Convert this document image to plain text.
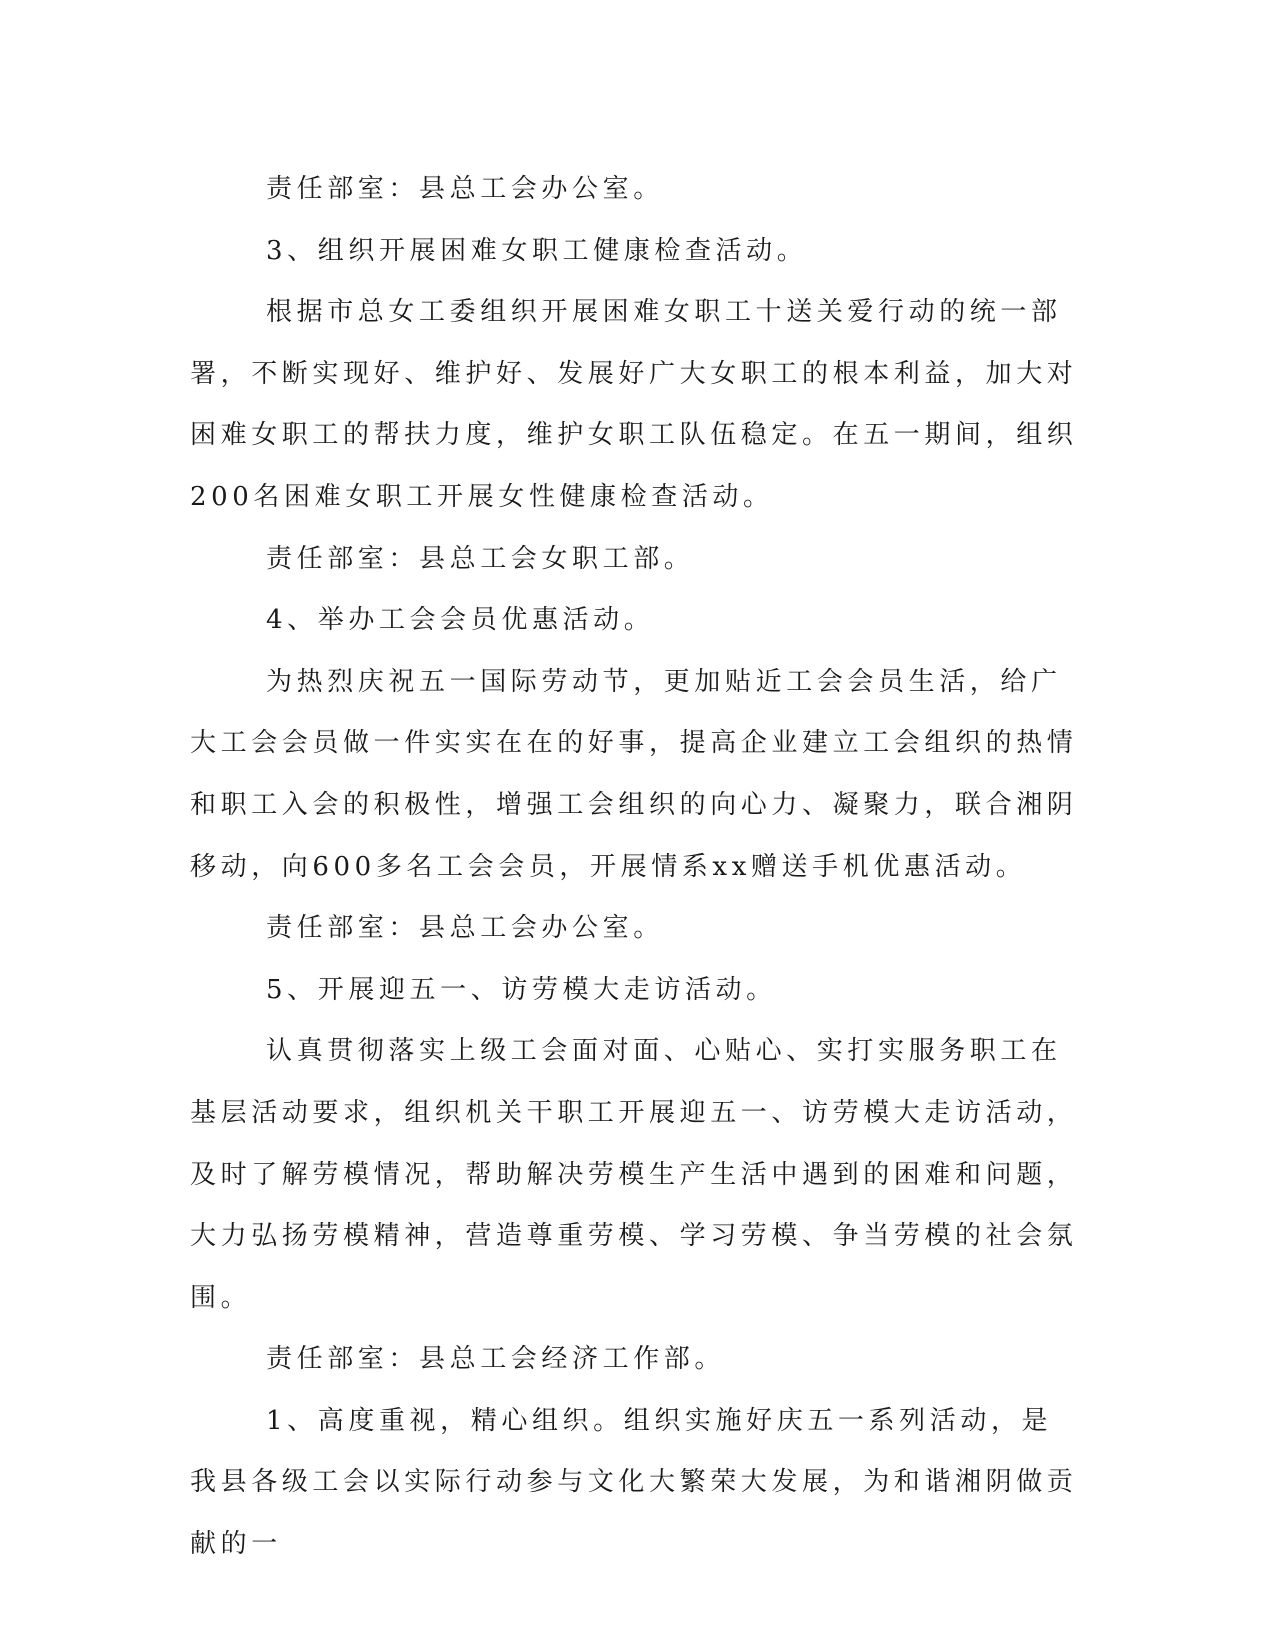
责任部室：县总工会办公室。

3、组织开展困难女职工健康检查活动。

根据市总女工委组织开展困难女职工十送关爱行动的统一部署，不断实现好、维护好、发展好广大女职工的根本利益，加大对困难女职工的帮扶力度，维护女职工队伍稳定。在五一期间，组织200名困难女职工开展女性健康检查活动。

责任部室：县总工会女职工部。

4、举办工会会员优惠活动。

为热烈庆祝五一国际劳动节，更加贴近工会会员生活，给广大工会会员做一件实实在在的好事，提高企业建立工会组织的热情和职工入会的积极性，增强工会组织的向心力、凝聚力，联合湘阴移动，向600多名工会会员，开展情系xx赠送手机优惠活动。

责任部室：县总工会办公室。

5、开展迎五一、访劳模大走访活动。

认真贯彻落实上级工会面对面、心贴心、实打实服务职工在基层活动要求，组织机关干职工开展迎五一、访劳模大走访活动，及时了解劳模情况，帮助解决劳模生产生活中遇到的困难和问题，大力弘扬劳模精神，营造尊重劳模、学习劳模、争当劳模的社会氛围。

责任部室：县总工会经济工作部。

1、高度重视，精心组织。组织实施好庆五一系列活动，是我县各级工会以实际行动参与文化大繁荣大发展，为和谐湘阴做贡献的一
